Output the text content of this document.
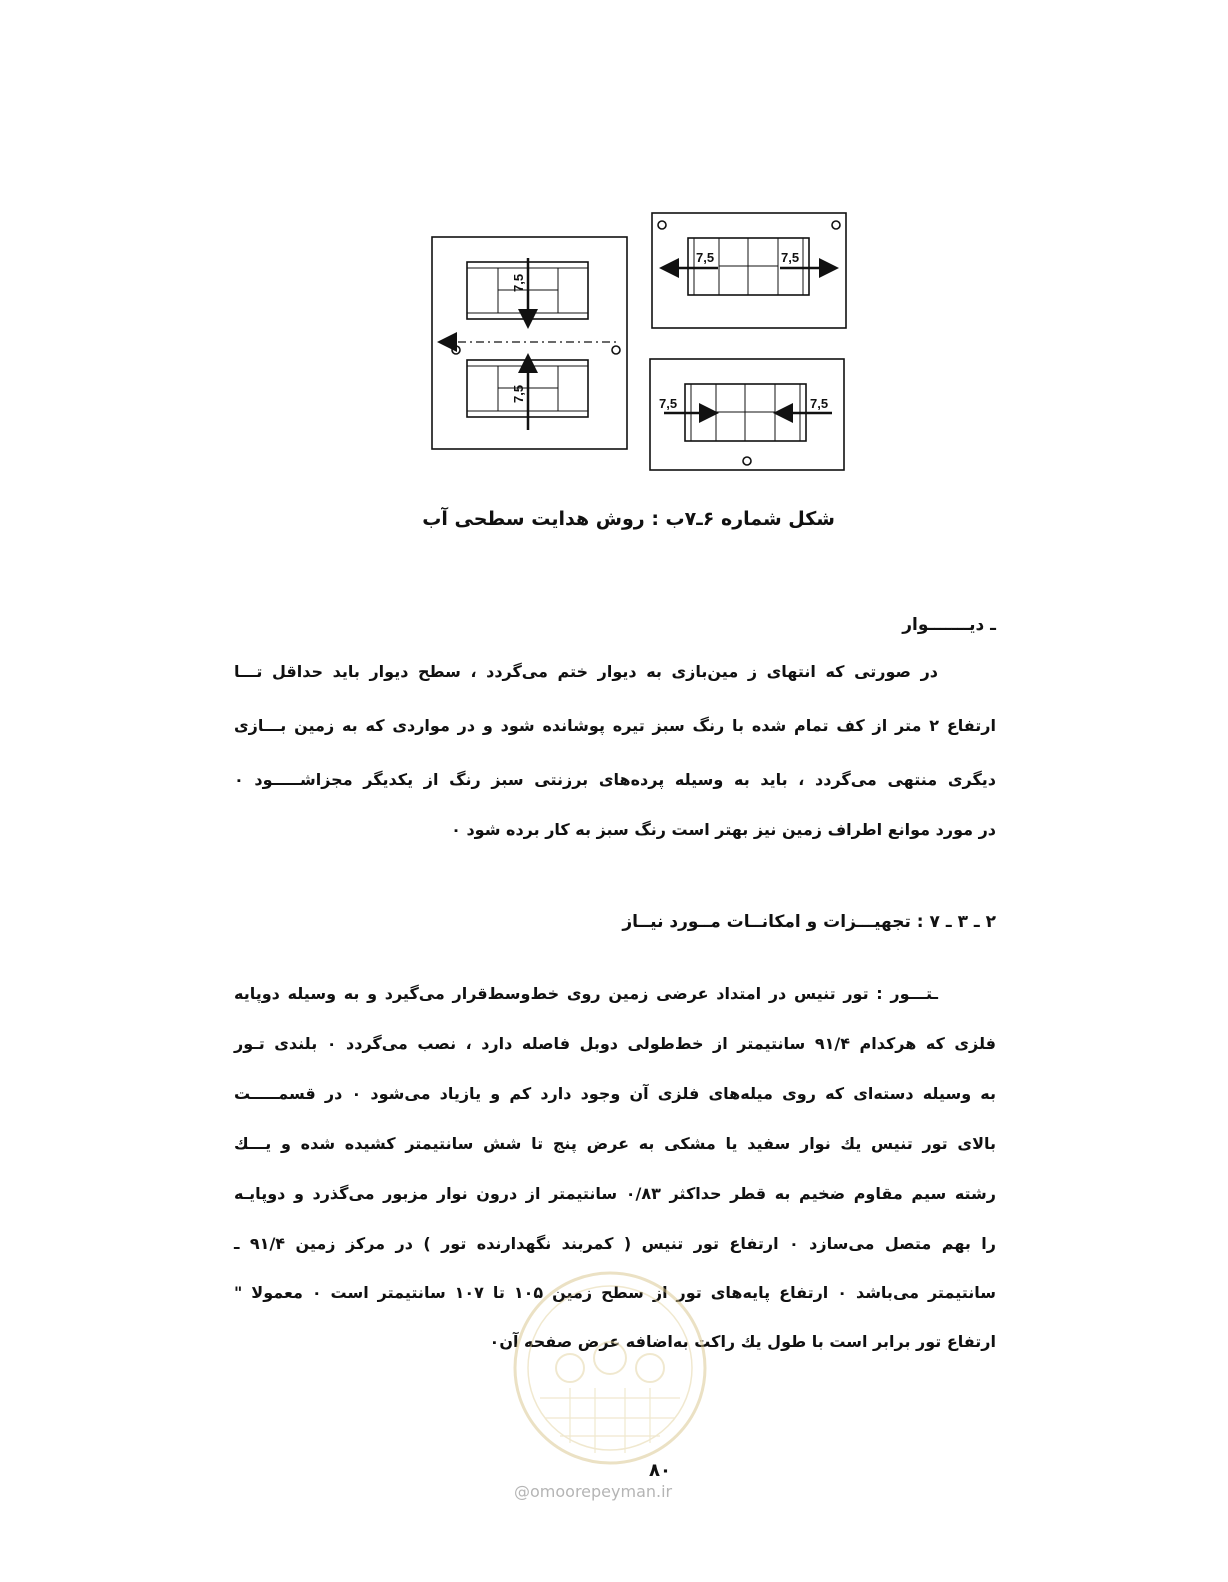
7,5
7,5
7,5	7,5
7,5	7,5
شکل شماره ۶ـ۷ب : روش هدایت سطحی آب
ـ دیـــــــوار
در صورتی که انتهای ز مین‌بازی به دیوار ختم می‌گردد ، سطح دیوار باید حداقل تـــا
ارتفاع ۲ متر از کف تمام شده با رنگ سبز تیره پوشانده شود و در مواردی که به زمین بـــازی
دیگری منتهی می‌گردد ، باید به وسیله پرده‌های برزنتی سبز رنگ از یکدیگر مجزاشـــــود ۰
در مورد موانع اطراف زمین نیز بهتر است رنگ سبز به کار برده شود ۰
۲ ـ ۳ ـ ۷ : تجهیـــزات و امکانــات مــورد نیــاز
ـتـــور : تور تنیس در امتداد عرضی زمین روی خط‌وسط‌قرار می‌گیرد و به وسیله دوپایه
فلزی که هرکدام ۹۱/۴ سانتیمتر از خط‌طولی دوبل فاصله دارد ، نصب می‌گردد ۰ بلندی تـور
به وسیله دسته‌ای که روی میله‌های فلزی آن وجود دارد کم و یازیاد می‌شود ۰ در قسمـــــت
بالای تور تنیس یك نوار سفید یا مشکی به عرض پنج تا شش سانتیمتر کشیده شده و یـــك
رشته سیم مقاوم ضخیم به قطر حداکثر ۰/۸۳ سانتیمتر از درون نوار مزبور می‌گذرد و دوپایـه
را بهم متصل می‌سازد ۰ ارتفاع تور تنیس ( کمربند نگهدارنده تور ) در مرکز زمین ۹۱/۴ ـ
سانتیمتر می‌باشد ۰ ارتفاع پایه‌های تور از سطح زمین ۱۰۵ تا ۱۰۷ سانتیمتر است ۰ معمولا "
ارتفاع تور برابر است با طول یك راکت به‌اضافه عرض صفحه آن۰
۸۰
@omoorepeyman.ir
